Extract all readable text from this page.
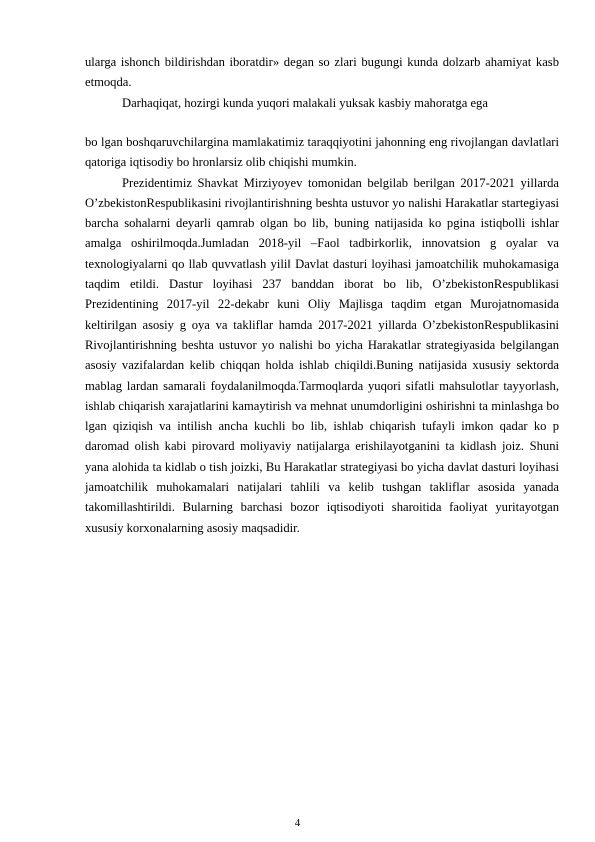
ularga ishonch bildirishdan iboratdir» degan so zlari bugungi kunda dolzarb ahamiyat kasb etmoqda.

Darhaqiqat, hozirgi kunda yuqori malakali yuksak kasbiy mahoratga ega

bo lgan boshqaruvchilargina mamlakatimiz taraqqiyotini jahonning eng rivojlangan davlatlari qatoriga iqtisodiy bo hronlarsiz olib chiqishi mumkin.

Prezidentimiz Shavkat Mirziyoyev tomonidan belgilab berilgan 2017-2021 yillarda O’zbekistonRespublikasini rivojlantirishning beshta ustuvor yo nalishi Harakatlar startegiyasi barcha sohalarni deyarli qamrab olgan bo lib, buning natijasida ko pgina istiqbolli ishlar amalga oshirilmoqda.Jumladan 2018-yil ‒Faol tadbirkorlik, innovatsion g oyalar va texnologiyalarni qo llab quvvatlash yili‖ Davlat dasturi loyihasi jamoatchilik muhokamasiga taqdim etildi. Dastur loyihasi 237 banddan iborat bo lib, O’zbekistonRespublikasi Prezidentining 2017-yil 22-dekabr kuni Oliy Majlisga taqdim etgan Murojatnomasida keltirilgan asosiy g oya va takliflar hamda 2017-2021 yillarda O’zbekistonRespublikasini Rivojlantirishning beshta ustuvor yo nalishi bo yicha Harakatlar strategiyasida belgilangan asosiy vazifalardan kelib chiqqan holda ishlab chiqildi.Buning natijasida xususiy sektorda mablag lardan samarali foydalanilmoqda.Tarmoqlarda yuqori sifatli mahsulotlar tayyorlash, ishlab chiqarish xarajatlarini kamaytirish va mehnat unumdorligini oshirishni ta minlashga bo lgan qiziqish va intilish ancha kuchli bo lib, ishlab chiqarish tufayli imkon qadar ko p daromad olish kabi pirovard moliyaviy natijalarga erishilayotganini ta kidlash joiz. Shuni yana alohida ta kidlab o tish joizki, Bu Harakatlar strategiyasi bo yicha davlat dasturi loyihasi jamoatchilik muhokamalari natijalari tahlili va kelib tushgan takliflar asosida yanada takomillashtirildi. Bularning barchasi bozor iqtisodiyoti sharoitida faoliyat yuritayotgan xususiy korxonalarning asosiy maqsadidir.

4
